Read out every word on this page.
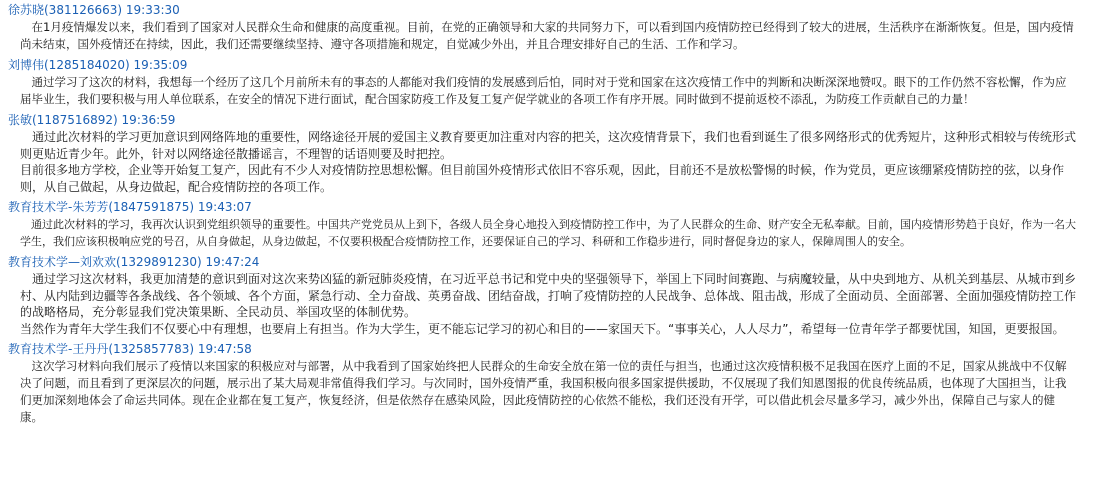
徐苏晓(381126663) 19:33:30

　在1月疫情爆发以来，我们看到了国家对人民群众生命和健康的高度重视。目前，在党的正确领导和大家的共同努力下，可以看到国内疫情防控已经得到了较大的进展，生活秩序在渐渐恢复。但是，国内疫情尚未结束，国外疫情还在持续，因此，我们还需要继续坚持、遵守各项措施和规定，自觉减少外出，并且合理安排好自己的生活、工作和学习。

刘博伟(1285184020) 19:35:09

　通过学习了这次的材料，我想每一个经历了这几个月前所未有的事态的人都能对我们疫情的发展感到后怕，同时对于党和国家在这次疫情工作中的判断和决断深深地赞叹。眼下的工作仍然不容松懈，作为应届毕业生，我们要积极与用人单位联系，在安全的情况下进行面试，配合国家防疫工作及复工复产促学就业的各项工作有序开展。同时做到不提前返校不添乱，为防疫工作贡献自己的力量！

张敏(1187516892) 19:36:59

　通过此次材料的学习更加意识到网络阵地的重要性，网络途径开展的爱国主义教育要更加注重对内容的把关，这次疫情背景下，我们也看到诞生了很多网络形式的优秀短片，这种形式相较与传统形式则更贴近青少年。此外，针对以网络途径散播谣言，不理智的话语则要及时把控。

目前很多地方学校，企业等开始复工复产，因此有不少人对疫情防控思想松懈。但目前国外疫情形式依旧不容乐观，因此，目前还不是放松警惕的时候，作为党员，更应该绷紧疫情防控的弦，以身作则，从自己做起，从身边做起，配合疫情防控的各项工作。

教育技术学-朱芳芳(1847591875) 19:43:07

　通过此次材料的学习，我再次认识到党组织领导的重要性。中国共产党党员从上到下，各级人员全身心地投入到疫情防控工作中，为了人民群众的生命、财产安全无私奉献。目前，国内疫情形势趋于良好，作为一名大学生，我们应该积极响应党的号召，从自身做起，从身边做起，不仅要积极配合疫情防控工作，还要保证自己的学习、科研和工作稳步进行，同时督促身边的家人，保障周围人的安全。

教育技术学—刘欢欢(1329891230) 19:47:24

　通过学习这次材料，我更加清楚的意识到面对这次来势凶猛的新冠肺炎疫情，在习近平总书记和党中央的坚强领导下，举国上下同时间赛跑、与病魔较量，从中央到地方、从机关到基层、从城市到乡村、从内陆到边疆等各条战线、各个领域、各个方面，紧急行动、全力奋战、英勇奋战、团结奋战，打响了疫情防控的人民战争、总体战、阻击战，形成了全面动员、全面部署、全面加强疫情防控工作的战略格局，充分彰显我们党决策果断、全民动员、举国攻坚的体制优势。

当然作为青年大学生我们不仅要心中有理想，也要肩上有担当。作为大学生，更不能忘记学习的初心和目的——家国天下。“事事关心，人人尽力”，希望每一位青年学子都要忧国，知国，更要报国。

教育技术学-王丹丹(1325857783) 19:47:58

　这次学习材料向我们展示了疫情以来国家的积极应对与部署，从中我看到了国家始终把人民群众的生命安全放在第一位的责任与担当，也通过这次疫情积极不足我国在医疗上面的不足，国家从挑战中不仅解决了问题，而且看到了更深层次的问题，展示出了某大局观非常值得我们学习。与次同时，国外疫情严重，我国积极向很多国家提供援助，不仅展现了我们知恩图报的优良传统品质，也体现了大国担当，让我们更加深刻地体会了命运共同体。现在企业都在复工复产，恢复经济，但是依然存在感染风险，因此疫情防控的心依然不能松，我们还没有开学，可以借此机会尽量多学习，减少外出，保障自己与家人的健康。
